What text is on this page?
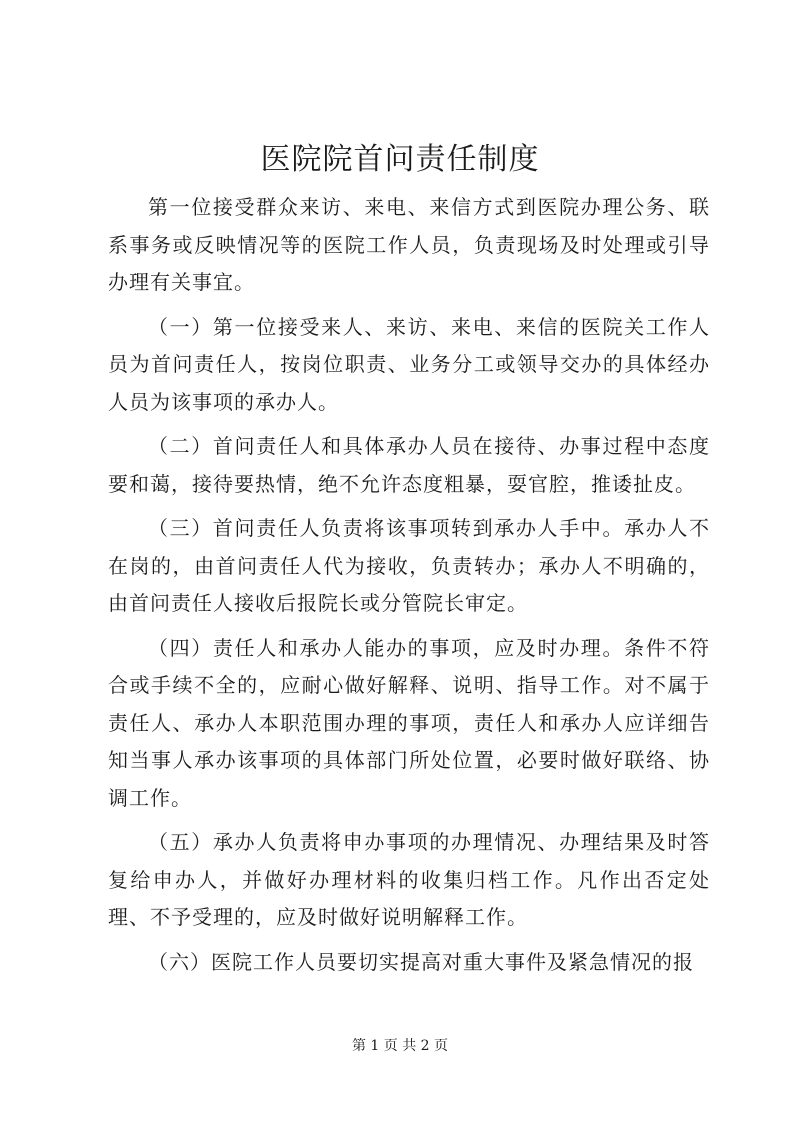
医院院首问责任制度

第一位接受群众来访、来电、来信方式到医院办理公务、联系事务或反映情况等的医院工作人员，负责现场及时处理或引导办理有关事宜。

（一）第一位接受来人、来访、来电、来信的医院关工作人员为首问责任人，按岗位职责、业务分工或领导交办的具体经办人员为该事项的承办人。

（二）首问责任人和具体承办人员在接待、办事过程中态度要和蔼，接待要热情，绝不允许态度粗暴，耍官腔，推诿扯皮。

（三）首问责任人负责将该事项转到承办人手中。承办人不在岗的，由首问责任人代为接收，负责转办；承办人不明确的，由首问责任人接收后报院长或分管院长审定。

（四）责任人和承办人能办的事项，应及时办理。条件不符合或手续不全的，应耐心做好解释、说明、指导工作。对不属于责任人、承办人本职范围办理的事项，责任人和承办人应详细告知当事人承办该事项的具体部门所处位置，必要时做好联络、协调工作。

（五）承办人负责将申办事项的办理情况、办理结果及时答复给申办人，并做好办理材料的收集归档工作。凡作出否定处理、不予受理的，应及时做好说明解释工作。

（六）医院工作人员要切实提高对重大事件及紧急情况的报

第 1 页 共 2 页
